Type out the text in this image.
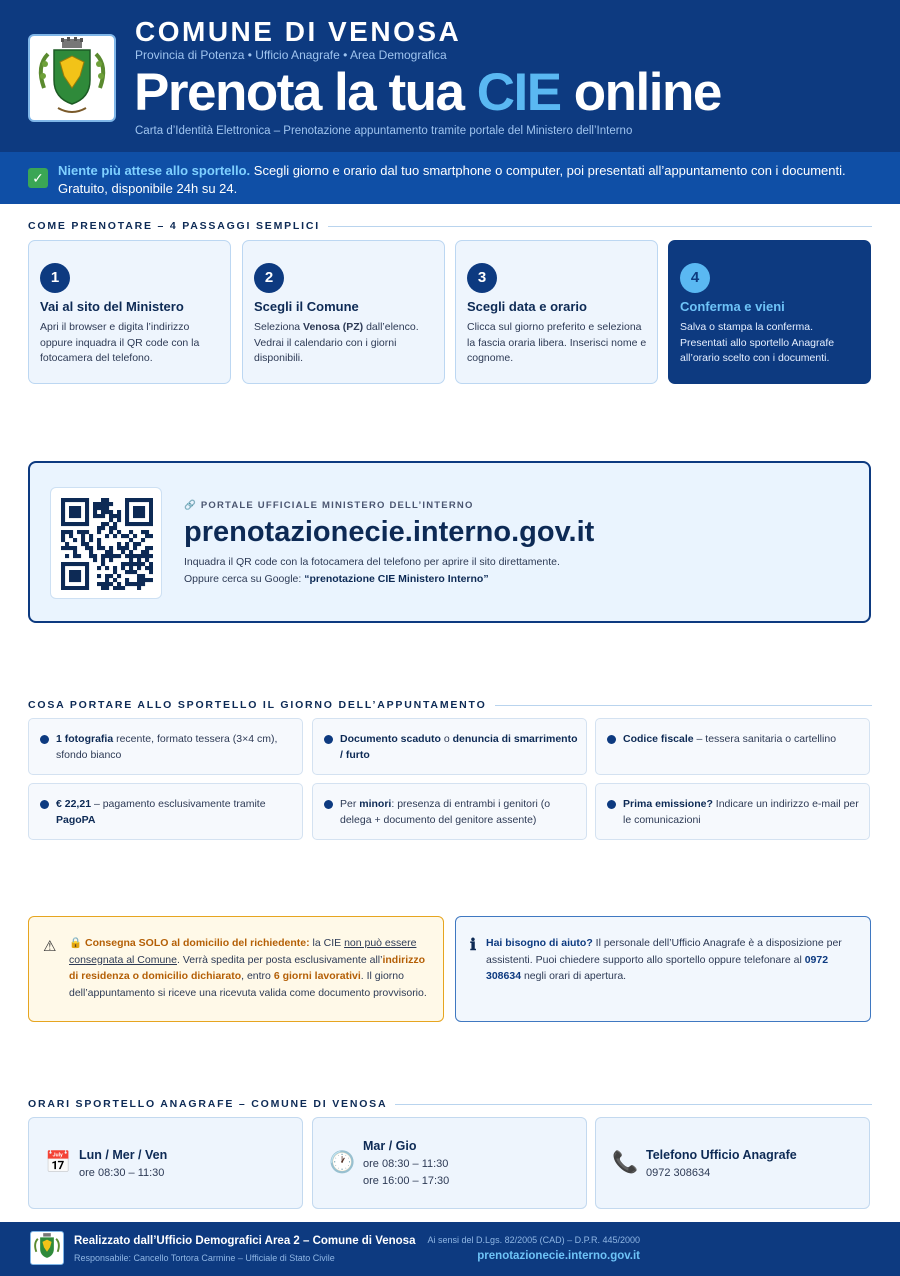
COMUNE DI VENOSA
Provincia di Potenza • Ufficio Anagrafe • Area Demografica
Prenota la tua CIE online
Carta d’Identità Elettronica – Prenotazione appuntamento tramite portale del Ministero dell’Interno
✓	Niente più attese allo sportello. Scegli giorno e orario dal tuo smartphone o computer, poi presentati all’appuntamento con i documenti. Gratuito, disponibile 24h su 24.
COME PRENOTARE – 4 PASSAGGI SEMPLICI
1
Vai al sito del Ministero
Apri il browser e digita l’indirizzo oppure inquadra il QR code con la fotocamera del telefono.
2
Scegli il Comune
Seleziona Venosa (PZ) dall’elenco. Vedrai il calendario con i giorni disponibili.
3
Scegli data e orario
Clicca sul giorno preferito e seleziona la fascia oraria libera. Inserisci nome e cognome.
4
Conferma e vieni
Salva o stampa la conferma. Presentati allo sportello Anagrafe all’orario scelto con i documenti.
🔗 PORTALE UFFICIALE MINISTERO DELL’INTERNO
prenotazionecie.interno.gov.it
Inquadra il QR code con la fotocamera del telefono per aprire il sito direttamente.
Oppure cerca su Google: “prenotazione CIE Ministero Interno”
COSA PORTARE ALLO SPORTELLO IL GIORNO DELL’APPUNTAMENTO
1 fotografia recente, formato tessera (3×4 cm), sfondo bianco
Documento scaduto o denuncia di smarrimento / furto
Codice fiscale – tessera sanitaria o cartellino
€ 22,21 – pagamento esclusivamente tramite PagoPA
Per minori: presenza di entrambi i genitori (o delega + documento del genitore assente)
Prima emissione? Indicare un indirizzo e-mail per le comunicazioni
⚠ 🔒 Consegna SOLO al domicilio del richiedente: la CIE non può essere consegnata al Comune. Verrà spedita per posta esclusivamente all’indirizzo di residenza o domicilio dichiarato, entro 6 giorni lavorativi. Il giorno dell’appuntamento si riceve una ricevuta valida come documento provvisorio.
ℹ Hai bisogno di aiuto? Il personale dell’Ufficio Anagrafe è a disposizione per assistenti. Puoi chiedere supporto allo sportello oppure telefonare al 0972 308634 negli orari di apertura.
ORARI SPORTELLO ANAGRAFE – COMUNE DI VENOSA
📅 Lun / Mer / Ven
ore 08:30 – 11:30	🕐
Mar / Gio
ore 08:30 – 11:30
ore 16:00 – 17:30
📞 Telefono Ufficio Anagrafe
0972 308634
Realizzato dall’Ufficio Demografici Area 2 – Comune di Venosa
Responsabile: Cancello Tortora Carmine – Ufficiale di Stato Civile
Ai sensi del D.Lgs. 82/2005 (CAD) – D.P.R. 445/2000
prenotazionecie.interno.gov.it
